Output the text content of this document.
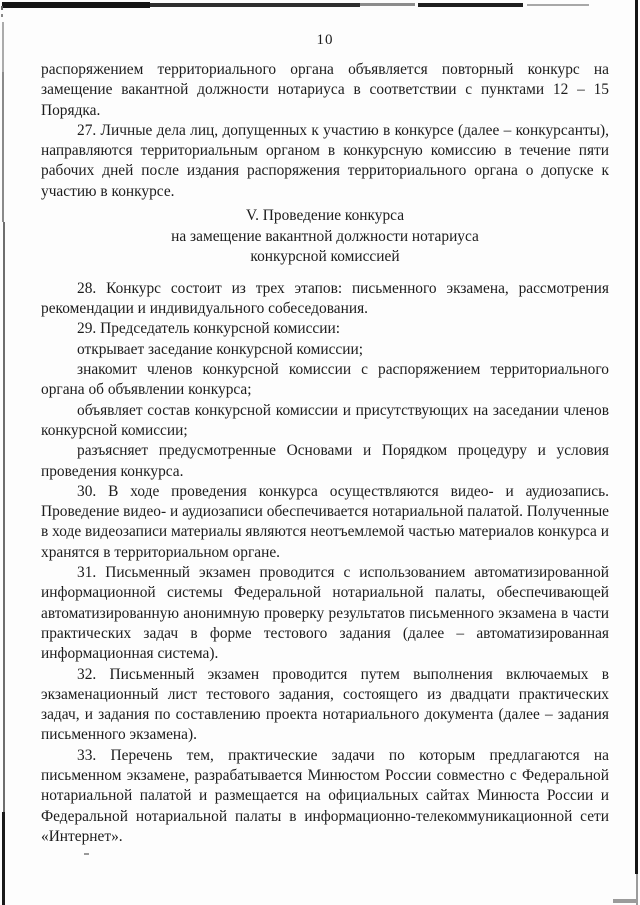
10

распоряжением территориального органа объявляется повторный конкурс на замещение вакантной должности нотариуса в соответствии с пунктами 12 – 15 Порядка.

27. Личные дела лиц, допущенных к участию в конкурсе (далее – конкурсанты), направляются территориальным органом в конкурсную комиссию в течение пяти рабочих дней после издания распоряжения территориального органа о допуске к участию в конкурсе.

V. Проведение конкурса
на замещение вакантной должности нотариуса
конкурсной комиссией

28. Конкурс состоит из трех этапов: письменного экзамена, рассмотрения рекомендации и индивидуального собеседования.

29. Председатель конкурсной комиссии:

открывает заседание конкурсной комиссии;

знакомит членов конкурсной комиссии с распоряжением территориального органа об объявлении конкурса;

объявляет состав конкурсной комиссии и присутствующих на заседании членов конкурсной комиссии;

разъясняет предусмотренные Основами и Порядком процедуру и условия проведения конкурса.

30. В ходе проведения конкурса осуществляются видео- и аудиозапись. Проведение видео- и аудиозаписи обеспечивается нотариальной палатой. Полученные в ходе видеозаписи материалы являются неотъемлемой частью материалов конкурса и хранятся в территориальном органе.

31. Письменный экзамен проводится с использованием автоматизированной информационной системы Федеральной нотариальной палаты, обеспечивающей автоматизированную анонимную проверку результатов письменного экзамена в части практических задач в форме тестового задания (далее – автоматизированная информационная система).

32. Письменный экзамен проводится путем выполнения включаемых в экзаменационный лист тестового задания, состоящего из двадцати практических задач, и задания по составлению проекта нотариального документа (далее – задания письменного экзамена).

33. Перечень тем, практические задачи по которым предлагаются на письменном экзамене, разрабатывается Минюстом России совместно с Федеральной нотариальной палатой и размещается на официальных сайтах Минюста России и Федеральной нотариальной палаты в информационно-телекоммуникационной сети «Интернет».
